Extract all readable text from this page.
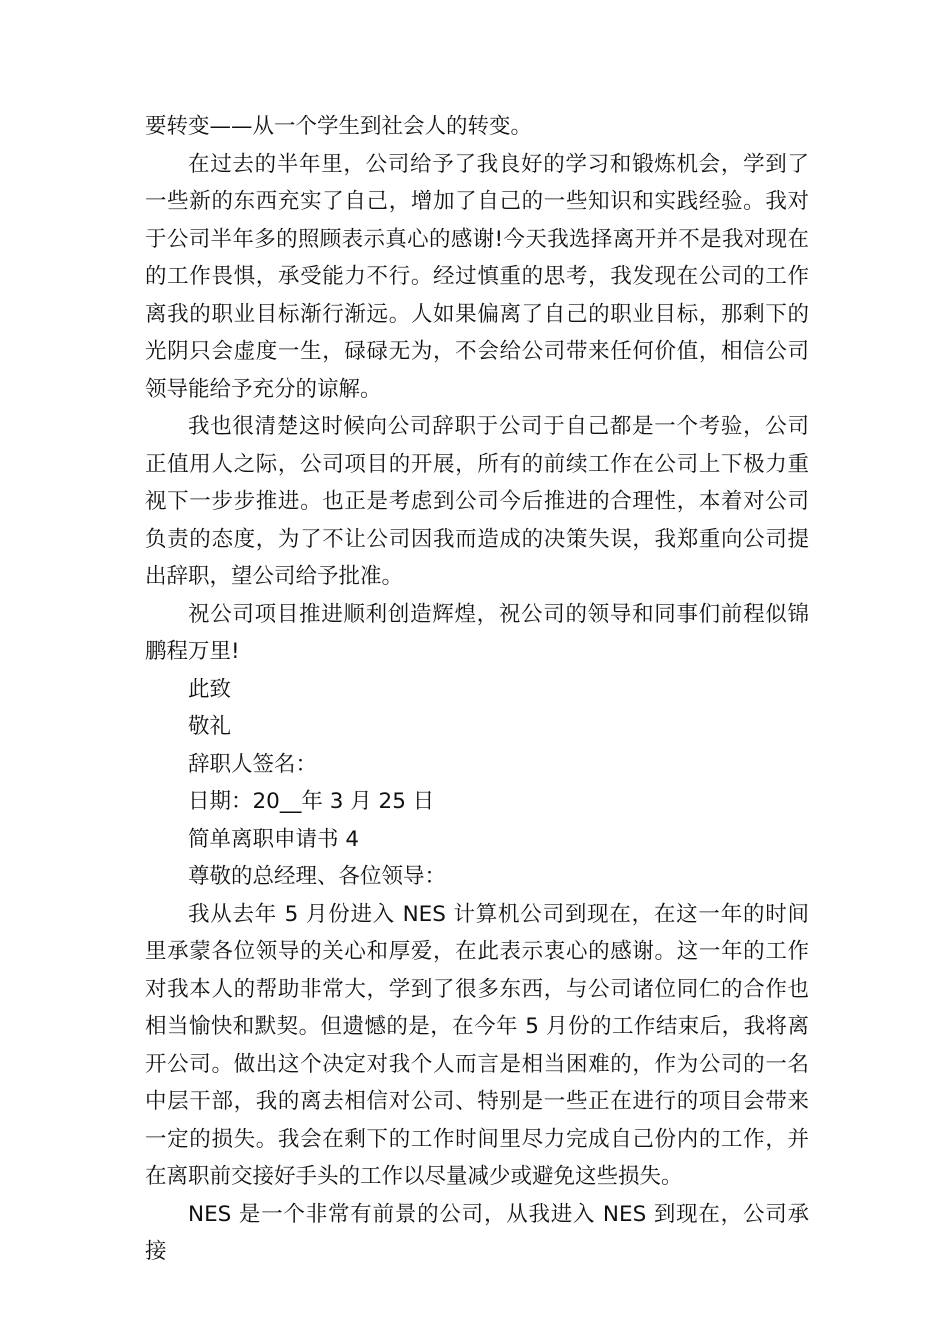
要转变——从一个学生到社会人的转变。

在过去的半年里，公司给予了我良好的学习和锻炼机会，学到了一些新的东西充实了自己，增加了自己的一些知识和实践经验。我对于公司半年多的照顾表示真心的感谢!今天我选择离开并不是我对现在的工作畏惧，承受能力不行。经过慎重的思考，我发现在公司的工作离我的职业目标渐行渐远。人如果偏离了自己的职业目标，那剩下的光阴只会虚度一生，碌碌无为，不会给公司带来任何价值，相信公司领导能给予充分的谅解。

我也很清楚这时候向公司辞职于公司于自己都是一个考验，公司正值用人之际，公司项目的开展，所有的前续工作在公司上下极力重视下一步步推进。也正是考虑到公司今后推进的合理性，本着对公司负责的态度，为了不让公司因我而造成的决策失误，我郑重向公司提出辞职，望公司给予批准。

祝公司项目推进顺利创造辉煌，祝公司的领导和同事们前程似锦鹏程万里!

此致

敬礼

辞职人签名：

日期：20__年 3 月 25 日

简单离职申请书 4

尊敬的总经理、各位领导：

我从去年 5 月份进入 NES 计算机公司到现在，在这一年的时间里承蒙各位领导的关心和厚爱，在此表示衷心的感谢。这一年的工作对我本人的帮助非常大，学到了很多东西，与公司诸位同仁的合作也相当愉快和默契。但遗憾的是，在今年 5 月份的工作结束后，我将离开公司。做出这个决定对我个人而言是相当困难的，作为公司的一名中层干部，我的离去相信对公司、特别是一些正在进行的项目会带来一定的损失。我会在剩下的工作时间里尽力完成自己份内的工作，并在离职前交接好手头的工作以尽量减少或避免这些损失。

NES 是一个非常有前景的公司，从我进入 NES 到现在，公司承接
